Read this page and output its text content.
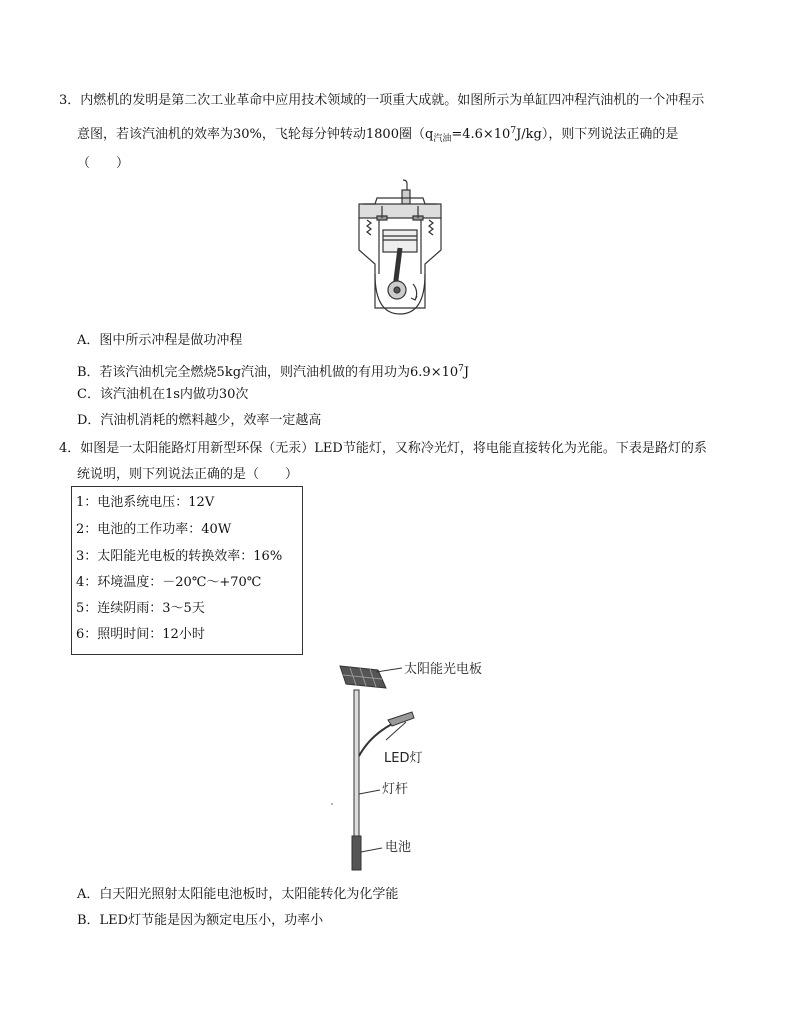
3．内燃机的发明是第二次工业革命中应用技术领域的一项重大成就。如图所示为单缸四冲程汽油机的一个冲程示
意图，若该汽油机的效率为30%，飞轮每分钟转动1800圈$(q_{汽油}=4.6\times 10^7J/kg)$，则下列说法正确的是
（　　）
A．图中所示冲程是做功冲程
B．若该汽油机完全燃烧5kg汽油，则汽油机做的有用功为$6.9\times 10^7J$
C．该汽油机在1s内做功30次
D．汽油机消耗的燃料越少，效率一定越高
4．如图是一太阳能路灯用新型环保（无汞）LED节能灯，又称冷光灯，将电能直接转化为光能。下表是路灯的系
统说明，则下列说法正确的是（　　）
1：电池系统电压：12V
2：电池的工作功率：40W
3：太阳能光电板的转换效率：16%
4：环境温度：－20℃～+70℃
5：连续阴雨：3～5天
6：照明时间：12小时
太阳能光电板
LED灯
灯杆
电池
A．白天阳光照射太阳能电池板时，太阳能转化为化学能
B．LED灯节能是因为额定电压小，功率小
